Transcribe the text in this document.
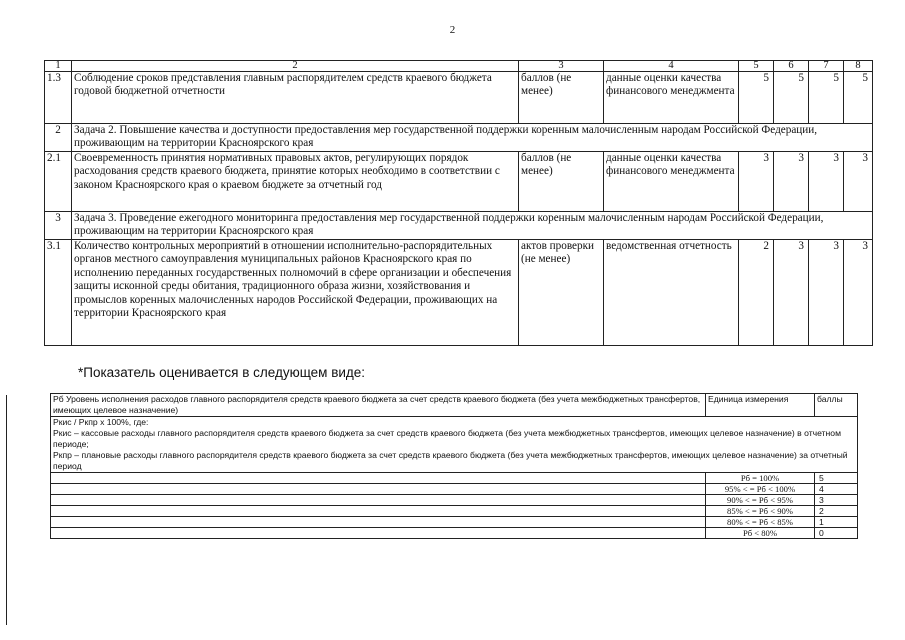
2
1	2	3	4	5	6	7	8
1.3	Соблюдение сроков представления главным распорядителем средств краевого бюджета годовой бюджетной отчетности	баллов (не менее)	данные оценки качества финансового менеджмента	5	5	5	5
2	Задача 2. Повышение качества и доступности предоставления мер государственной поддержки коренным малочисленным народам Российской Федерации, проживающим на территории Красноярского края						
2.1	Своевременность принятия нормативных правовых актов, регулирующих порядок расходования средств краевого бюджета, принятие которых необходимо в соответствии с законом Красноярского края о краевом бюджете за отчетный год	баллов (не менее)	данные оценки качества финансового менеджмента	3	3	3	3
3	Задача 3. Проведение ежегодного мониторинга предоставления мер государственной поддержки коренным малочисленным народам Российской Федерации, проживающим на территории Красноярского края						
3.1	Количество контрольных мероприятий в отношении исполнительно-распорядительных органов местного самоуправления муниципальных районов Красноярского края по исполнению переданных государственных полномочий в сфере организации и обеспечения защиты исконной среды обитания, традиционного образа жизни, хозяйствования и промыслов коренных малочисленных народов Российской Федерации, проживающих на территории Красноярского края	актов проверки (не менее)	ведомственная отчетность	2	3	3	3
*Показатель оценивается в следующем виде:
Рб Уровень исполнения расходов главного распорядителя средств краевого бюджета за счет средств краевого бюджета (без учета межбюджетных трансфертов, имеющих целевое назначение)	Единица измерения	баллы

Ркис / Ркпр х 100%, где:
Ркис – кассовые расходы главного распорядителя средств краевого бюджета за счет средств краевого бюджета (без учета межбюджетных трансфертов, имеющих целевое назначение) в отчетном периоде;
Ркпр – плановые расходы главного распорядителя средств краевого бюджета за счет средств краевого бюджета (без учета межбюджетных трансфертов, имеющих целевое назначение) за отчетный период		

	Рб = 100%	5
	95% < = Рб < 100%	4
	90% < = Рб < 95%	3
	85% < = Рб < 90%	2
	80% < = Рб < 85%	1
	Рб < 80%	0
